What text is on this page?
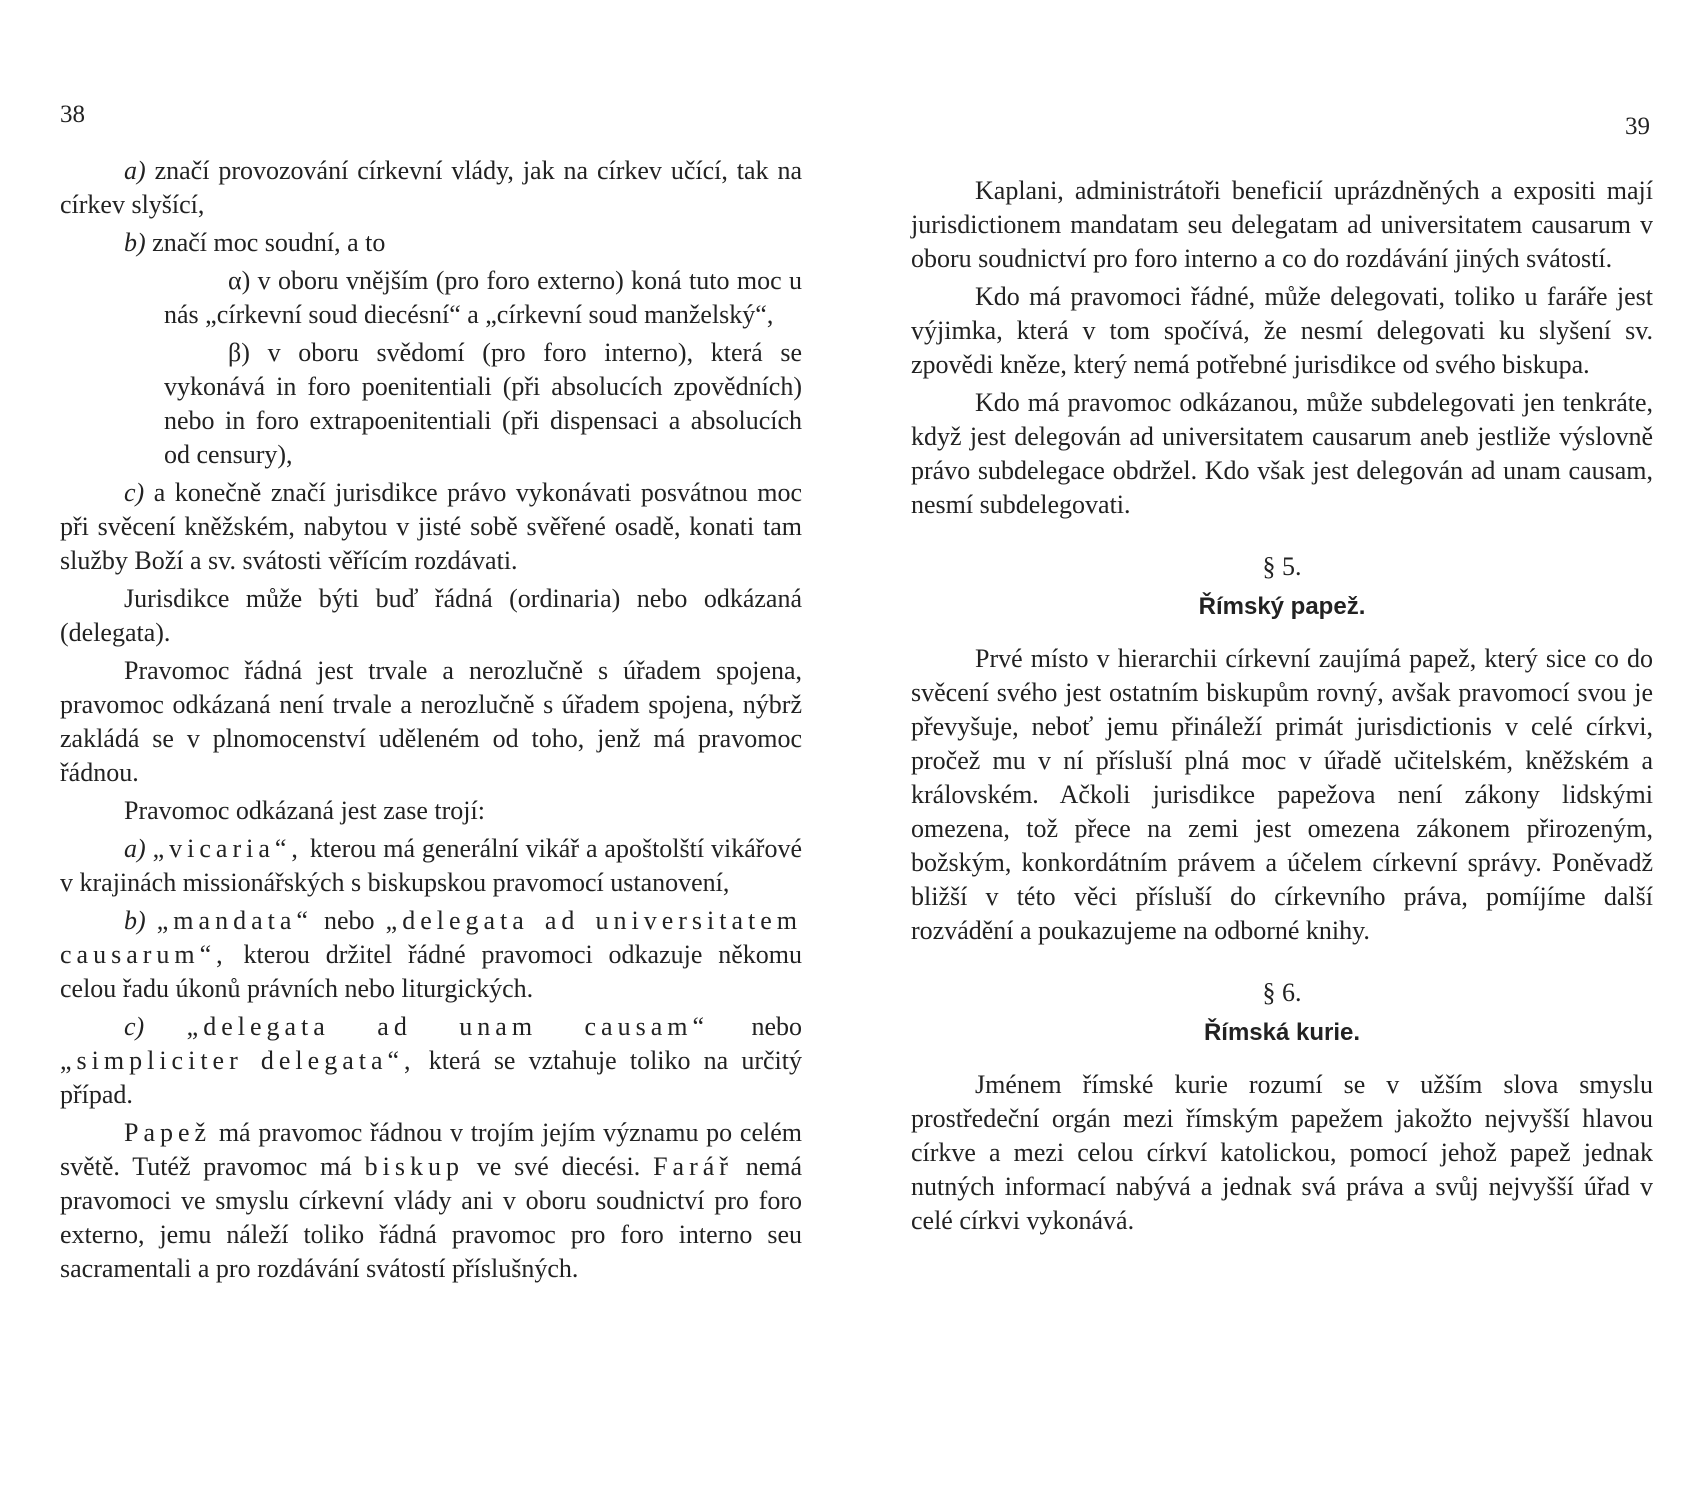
38	39

a) značí provozování církevní vlády, jak na církev učící, tak na církev slyšící,

b) značí moc soudní, a to

α) v oboru vnějším (pro foro externo) koná tuto moc u nás „církevní soud diecésní“ a „církevní soud manželský“,

β) v oboru svědomí (pro foro interno), která se vykonává in foro poenitentiali (při absolucích zpovědních) nebo in foro extrapoenitentiali (při dispensaci a absolucích od censury),

c) a konečně značí jurisdikce právo vykonávati posvátnou moc při svěcení kněžském, nabytou v jisté sobě svěřené osadě, konati tam služby Boží a sv. svátosti věřícím rozdávati.

Jurisdikce může býti buď řádná (ordinaria) nebo odkázaná (delegata).

Pravomoc řádná jest trvale a nerozlučně s úřadem spojena, pravomoc odkázaná není trvale a nerozlučně s úřadem spojena, nýbrž zakládá se v plnomocenství uděleném od toho, jenž má pravomoc řádnou.

Pravomoc odkázaná jest zase trojí:

a) „vicaria“, kterou má generální vikář a apoštolští vikářové v krajinách missionářských s biskupskou pravomocí ustanovení,

b) „mandata“ nebo „delegata ad universitatem causarum“, kterou držitel řádné pravomoci odkazuje někomu celou řadu úkonů právních nebo liturgických.

c) „delegata ad unam causam“ nebo „simpliciter delegata“, která se vztahuje toliko na určitý případ.

Papež má pravomoc řádnou v trojím jejím významu po celém světě. Tutéž pravomoc má biskup ve své diecési. Farář nemá pravomoci ve smyslu církevní vlády ani v oboru soudnictví pro foro externo, jemu náleží toliko řádná pravomoc pro foro interno seu sacramentali a pro rozdávání svátostí příslušných.

Kaplani, administrátoři beneficií uprázdněných a expositi mají jurisdictionem mandatam seu delegatam ad universitatem causarum v oboru soudnictví pro foro interno a co do rozdávání jiných svátostí.

Kdo má pravomoci řádné, může delegovati, toliko u faráře jest výjimka, která v tom spočívá, že nesmí delegovati ku slyšení sv. zpovědi kněze, který nemá potřebné jurisdikce od svého biskupa.

Kdo má pravomoc odkázanou, může subdelegovati jen tenkráte, když jest delegován ad universitatem causarum aneb jestliže výslovně právo subdelegace obdržel. Kdo však jest delegován ad unam causam, nesmí subdelegovati.

§ 5.
Římský papež.

Prvé místo v hierarchii církevní zaujímá papež, který sice co do svěcení svého jest ostatním biskupům rovný, avšak pravomocí svou je převyšuje, neboť jemu přináleží primát jurisdictionis v celé církvi, pročež mu v ní přísluší plná moc v úřadě učitelském, kněžském a královském. Ačkoli jurisdikce papežova není zákony lidskými omezena, tož přece na zemi jest omezena zákonem přirozeným, božským, konkordátním právem a účelem církevní správy. Poněvadž bližší v této věci přísluší do církevního práva, pomíjíme další rozvádění a poukazujeme na odborné knihy.

§ 6.
Římská kurie.

Jménem římské kurie rozumí se v užším slova smyslu prostředeční orgán mezi římským papežem jakožto nejvyšší hlavou církve a mezi celou církví katolickou, pomocí jehož papež jednak nutných informací nabývá a jednak svá práva a svůj nejvyšší úřad v celé církvi vykonává.
